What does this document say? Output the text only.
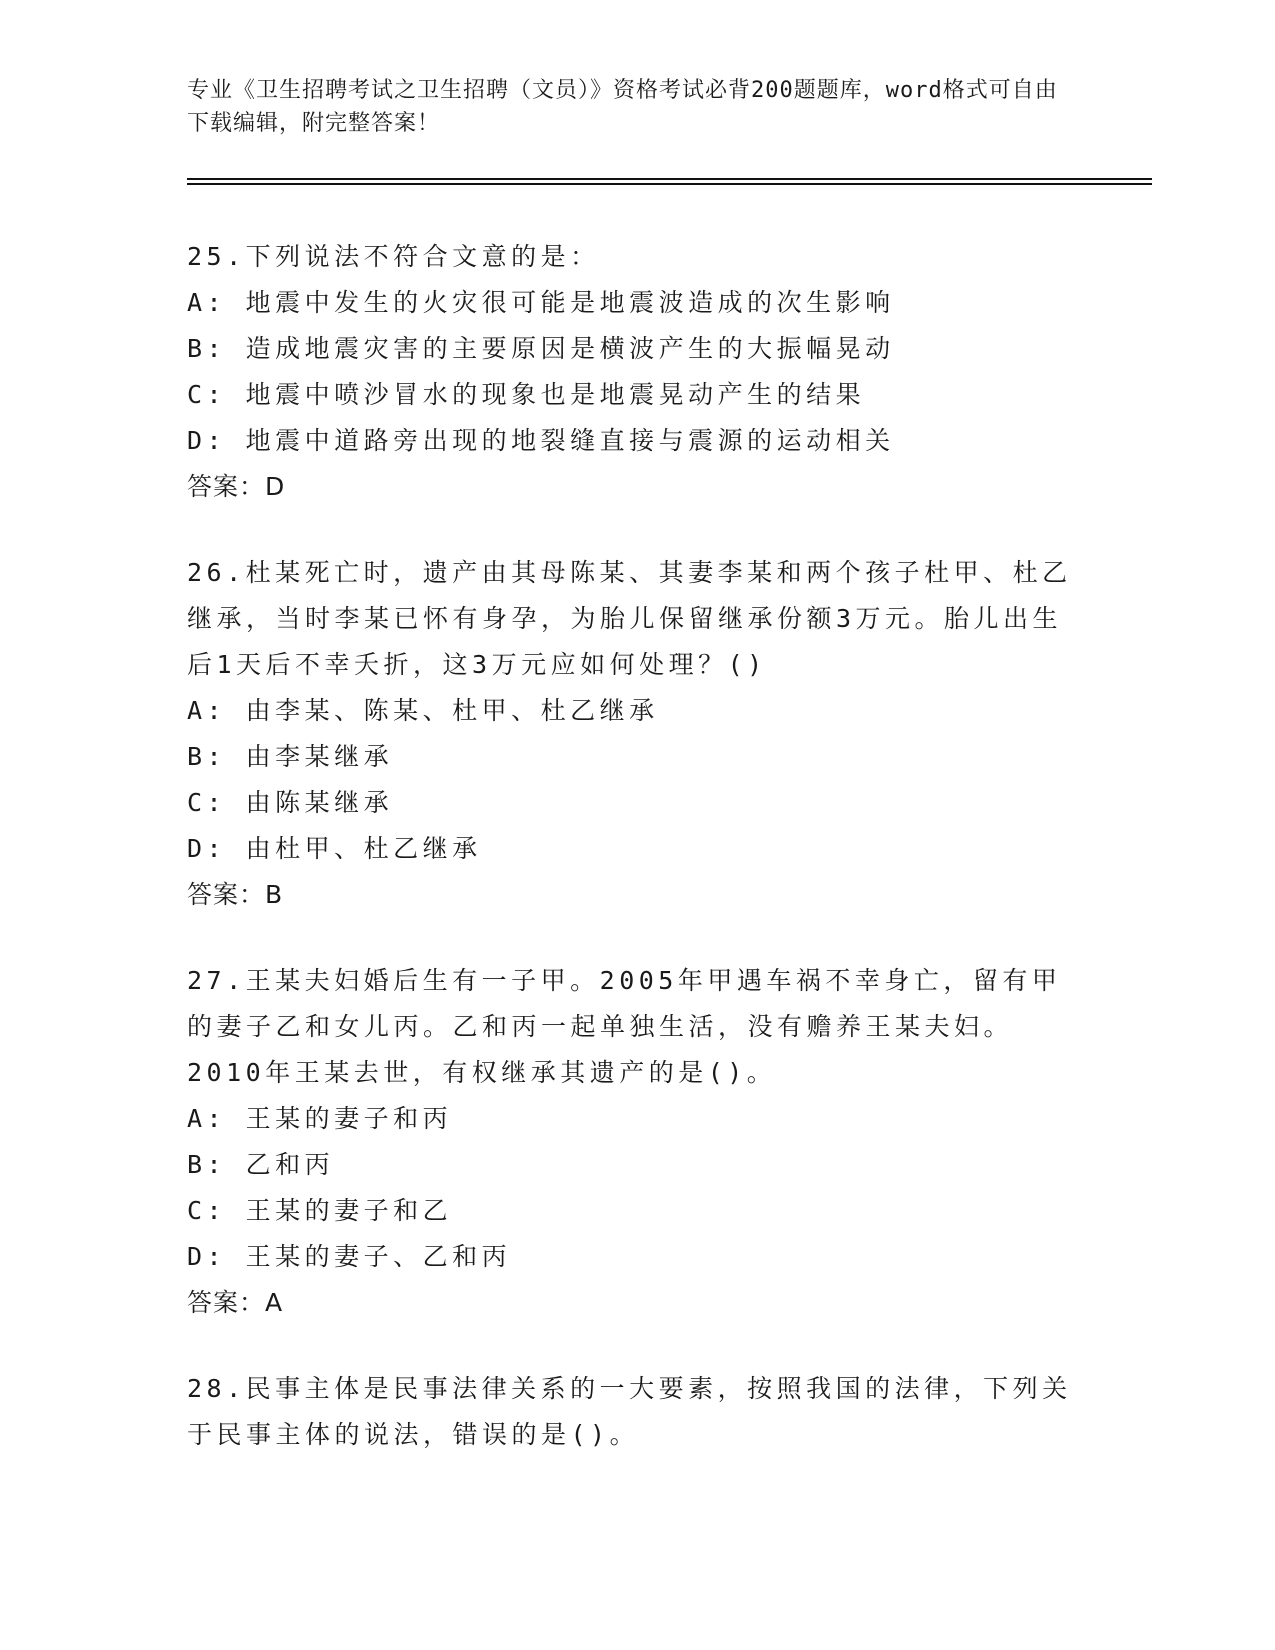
专业《卫生招聘考试之卫生招聘（文员）》资格考试必背200题题库，word格式可自由下载编辑，附完整答案！
25.下列说法不符合文意的是：
A: 地震中发生的火灾很可能是地震波造成的次生影响
B: 造成地震灾害的主要原因是横波产生的大振幅晃动
C: 地震中喷沙冒水的现象也是地震晃动产生的结果
D: 地震中道路旁出现的地裂缝直接与震源的运动相关
答案：D
26.杜某死亡时，遗产由其母陈某、其妻李某和两个孩子杜甲、杜乙继承，当时李某已怀有身孕，为胎儿保留继承份额3万元。胎儿出生后1天后不幸夭折，这3万元应如何处理？()
A: 由李某、陈某、杜甲、杜乙继承
B: 由李某继承
C: 由陈某继承
D: 由杜甲、杜乙继承
答案：B
27.王某夫妇婚后生有一子甲。2005年甲遇车祸不幸身亡，留有甲的妻子乙和女儿丙。乙和丙一起单独生活，没有赡养王某夫妇。2010年王某去世，有权继承其遗产的是()。
A: 王某的妻子和丙
B: 乙和丙
C: 王某的妻子和乙
D: 王某的妻子、乙和丙
答案：A
28.民事主体是民事法律关系的一大要素，按照我国的法律，下列关于民事主体的说法，错误的是()。
